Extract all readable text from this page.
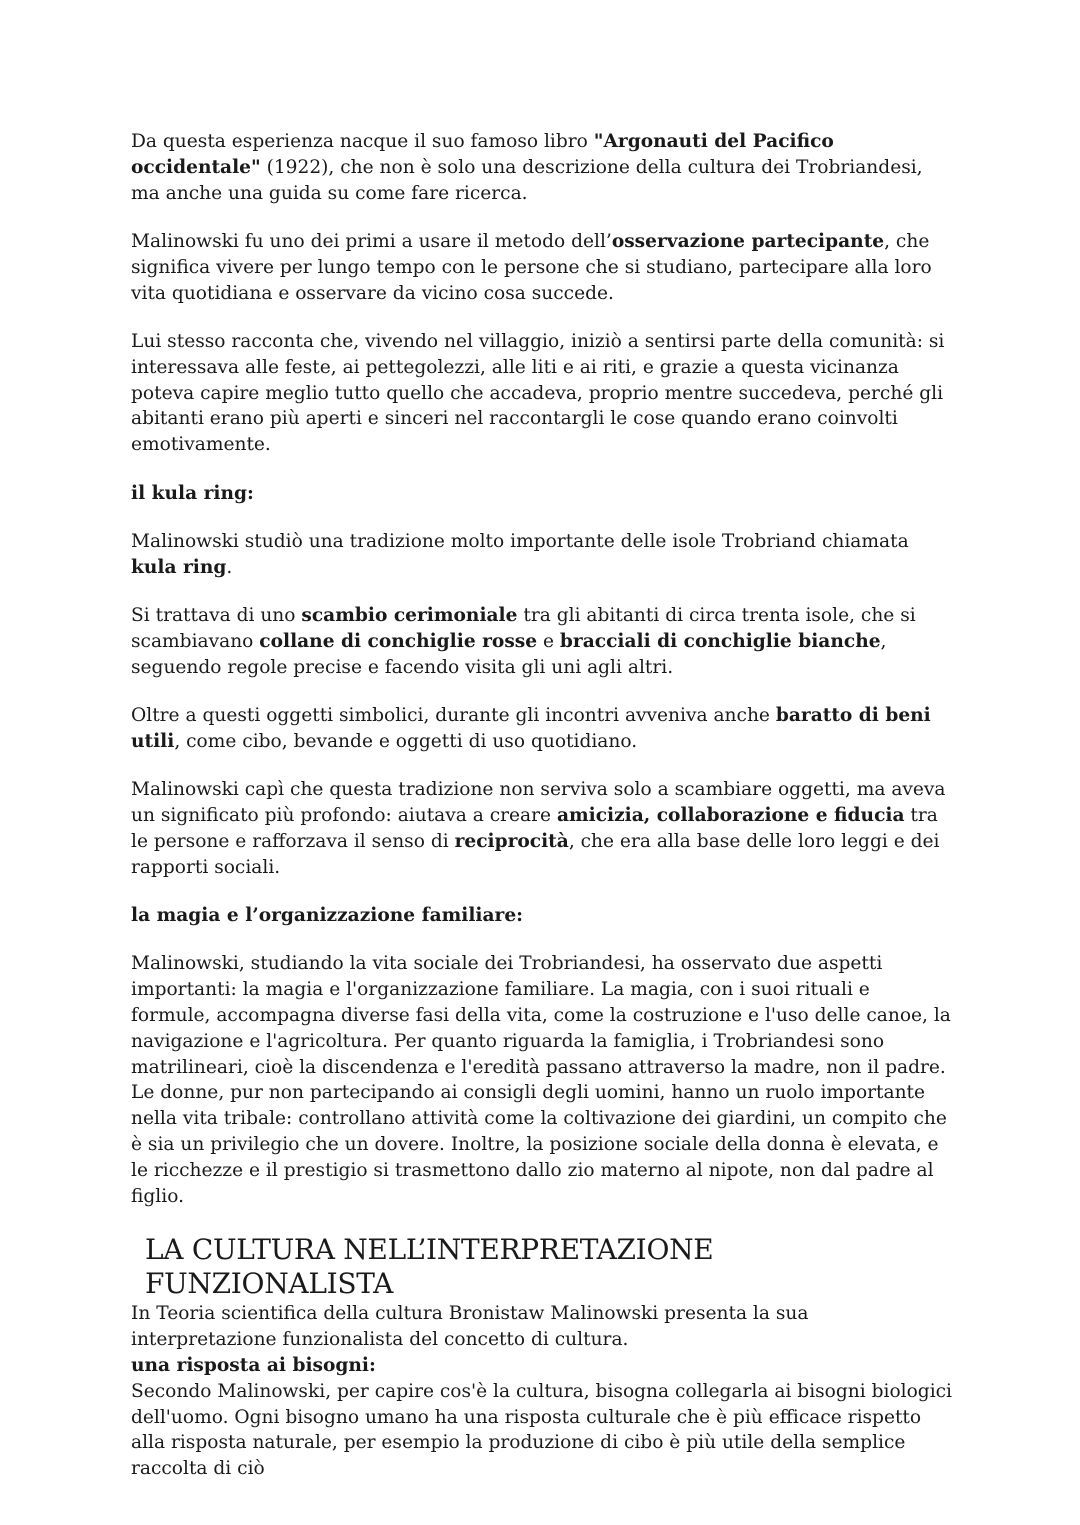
Da questa esperienza nacque il suo famoso libro "Argonauti del Pacifico occidentale" (1922), che non è solo una descrizione della cultura dei Trobriandesi, ma anche una guida su come fare ricerca.

Malinowski fu uno dei primi a usare il metodo dell’osservazione partecipante, che significa vivere per lungo tempo con le persone che si studiano, partecipare alla loro vita quotidiana e osservare da vicino cosa succede.

Lui stesso racconta che, vivendo nel villaggio, iniziò a sentirsi parte della comunità: si interessava alle feste, ai pettegolezzi, alle liti e ai riti, e grazie a questa vicinanza poteva capire meglio tutto quello che accadeva, proprio mentre succedeva, perché gli abitanti erano più aperti e sinceri nel raccontargli le cose quando erano coinvolti emotivamente.

il kula ring:

Malinowski studiò una tradizione molto importante delle isole Trobriand chiamata kula ring.

Si trattava di uno scambio cerimoniale tra gli abitanti di circa trenta isole, che si scambiavano collane di conchiglie rosse e bracciali di conchiglie bianche, seguendo regole precise e facendo visita gli uni agli altri.

Oltre a questi oggetti simbolici, durante gli incontri avveniva anche baratto di beni utili, come cibo, bevande e oggetti di uso quotidiano.

Malinowski capì che questa tradizione non serviva solo a scambiare oggetti, ma aveva un significato più profondo: aiutava a creare amicizia, collaborazione e fiducia tra le persone e rafforzava il senso di reciprocità, che era alla base delle loro leggi e dei rapporti sociali.

la magia e l’organizzazione familiare:

Malinowski, studiando la vita sociale dei Trobriandesi, ha osservato due aspetti importanti: la magia e l'organizzazione familiare. La magia, con i suoi rituali e formule, accompagna diverse fasi della vita, come la costruzione e l'uso delle canoe, la navigazione e l'agricoltura. Per quanto riguarda la famiglia, i Trobriandesi sono matrilineari, cioè la discendenza e l'eredità passano attraverso la madre, non il padre. Le donne, pur non partecipando ai consigli degli uomini, hanno un ruolo importante nella vita tribale: controllano attività come la coltivazione dei giardini, un compito che è sia un privilegio che un dovere. Inoltre, la posizione sociale della donna è elevata, e le ricchezze e il prestigio si trasmettono dallo zio materno al nipote, non dal padre al figlio.

LA CULTURA NELL’INTERPRETAZIONE FUNZIONALISTA

In Teoria scientifica della cultura Bronistaw Malinowski presenta la sua interpretazione funzionalista del concetto di cultura.

una risposta ai bisogni:

Secondo Malinowski, per capire cos'è la cultura, bisogna collegarla ai bisogni biologici dell'uomo. Ogni bisogno umano ha una risposta culturale che è più efficace rispetto alla risposta naturale, per esempio la produzione di cibo è più utile della semplice raccolta di ciò
